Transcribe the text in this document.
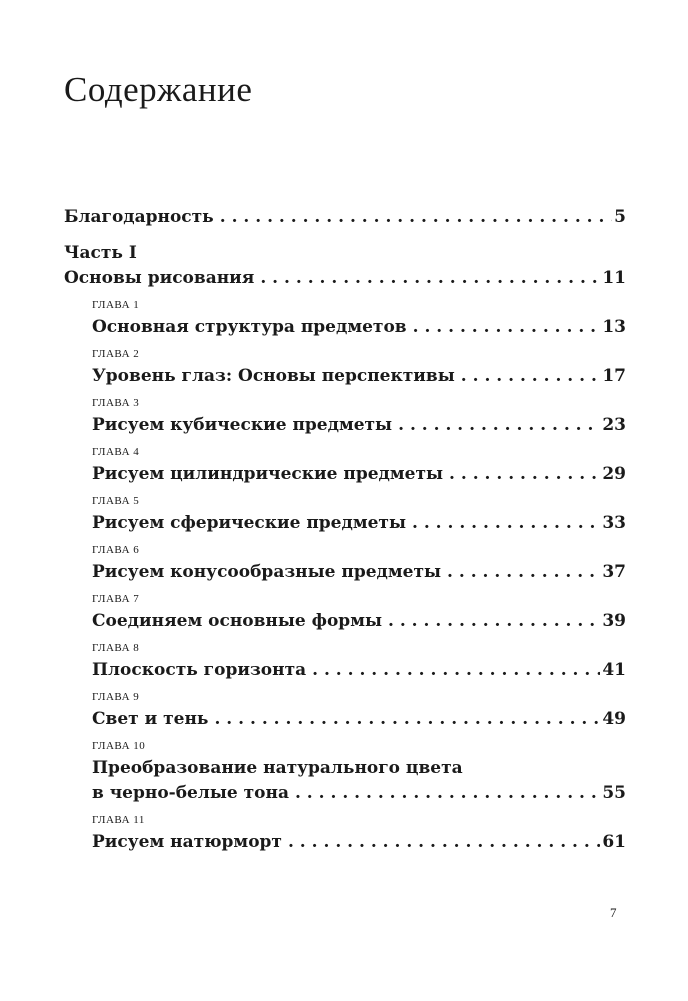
Содержание
Благодарность . . .	5
Часть I
Основы рисования . . .	11
ГЛАВА 1
Основная структура предметов . . .	13
ГЛАВА 2
Уровень глаз: Основы перспективы . . .	17
ГЛАВА 3
Рисуем кубические предметы . . .	23
ГЛАВА 4
Рисуем цилиндрические предметы . . .	29
ГЛАВА 5
Рисуем сферические предметы . . .	33
ГЛАВА 6
Рисуем конусообразные предметы . . .	37
ГЛАВА 7
Соединяем основные формы . . .	39
ГЛАВА 8
Плоскость горизонта . . .	41
ГЛАВА 9
Свет и тень . . .	49
ГЛАВА 10
Преобразование натурального цвета
в черно-белые тона . . .	55
ГЛАВА 11
Рисуем натюрморт . . .	61
7
